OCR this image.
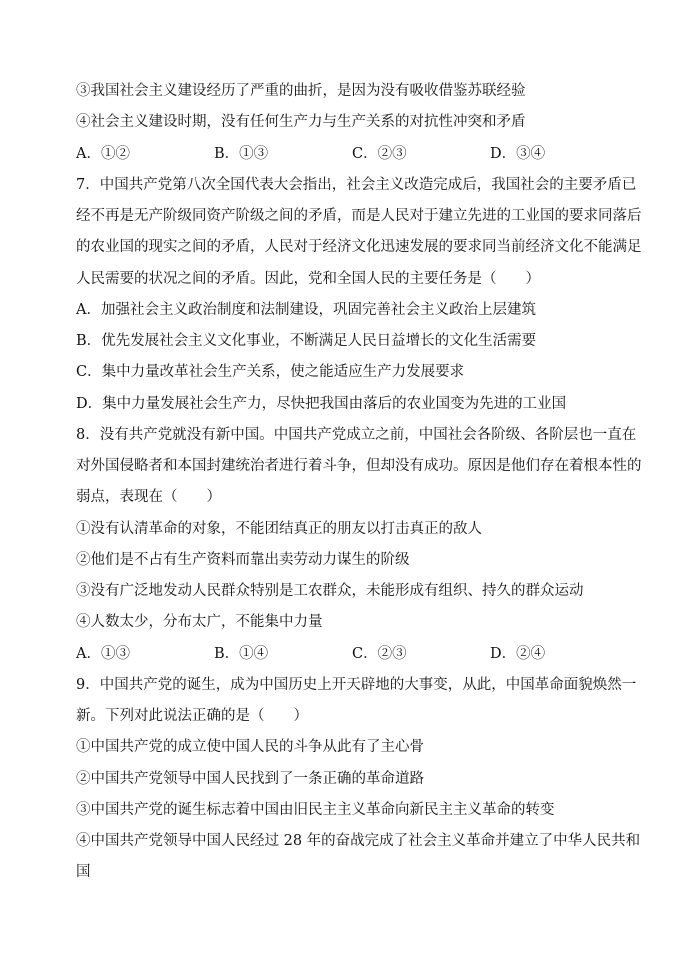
③我国社会主义建设经历了严重的曲折，是因为没有吸收借鉴苏联经验
④社会主义建设时期，没有任何生产力与生产关系的对抗性冲突和矛盾
A．①②	B．①③	C．②③	D．③④
7．中国共产党第八次全国代表大会指出，社会主义改造完成后，我国社会的主要矛盾已
经不再是无产阶级同资产阶级之间的矛盾，而是人民对于建立先进的工业国的要求同落后
的农业国的现实之间的矛盾，人民对于经济文化迅速发展的要求同当前经济文化不能满足
人民需要的状况之间的矛盾。因此，党和全国人民的主要任务是（　　）
A．加强社会主义政治制度和法制建设，巩固完善社会主义政治上层建筑
B．优先发展社会主义文化事业，不断满足人民日益增长的文化生活需要
C．集中力量改革社会生产关系，使之能适应生产力发展要求
D．集中力量发展社会生产力，尽快把我国由落后的农业国变为先进的工业国
8．没有共产党就没有新中国。中国共产党成立之前，中国社会各阶级、各阶层也一直在
对外国侵略者和本国封建统治者进行着斗争，但却没有成功。原因是他们存在着根本性的
弱点，表现在（　　）
①没有认清革命的对象，不能团结真正的朋友以打击真正的敌人
②他们是不占有生产资料而靠出卖劳动力谋生的阶级
③没有广泛地发动人民群众特别是工农群众，未能形成有组织、持久的群众运动
④人数太少，分布太广，不能集中力量
A．①③	B．①④	C．②③	D．②④
9．中国共产党的诞生，成为中国历史上开天辟地的大事变，从此，中国革命面貌焕然一
新。下列对此说法正确的是（　　）
①中国共产党的成立使中国人民的斗争从此有了主心骨
②中国共产党领导中国人民找到了一条正确的革命道路
③中国共产党的诞生标志着中国由旧民主主义革命向新民主主义革命的转变
④中国共产党领导中国人民经过 28 年的奋战完成了社会主义革命并建立了中华人民共和
国
